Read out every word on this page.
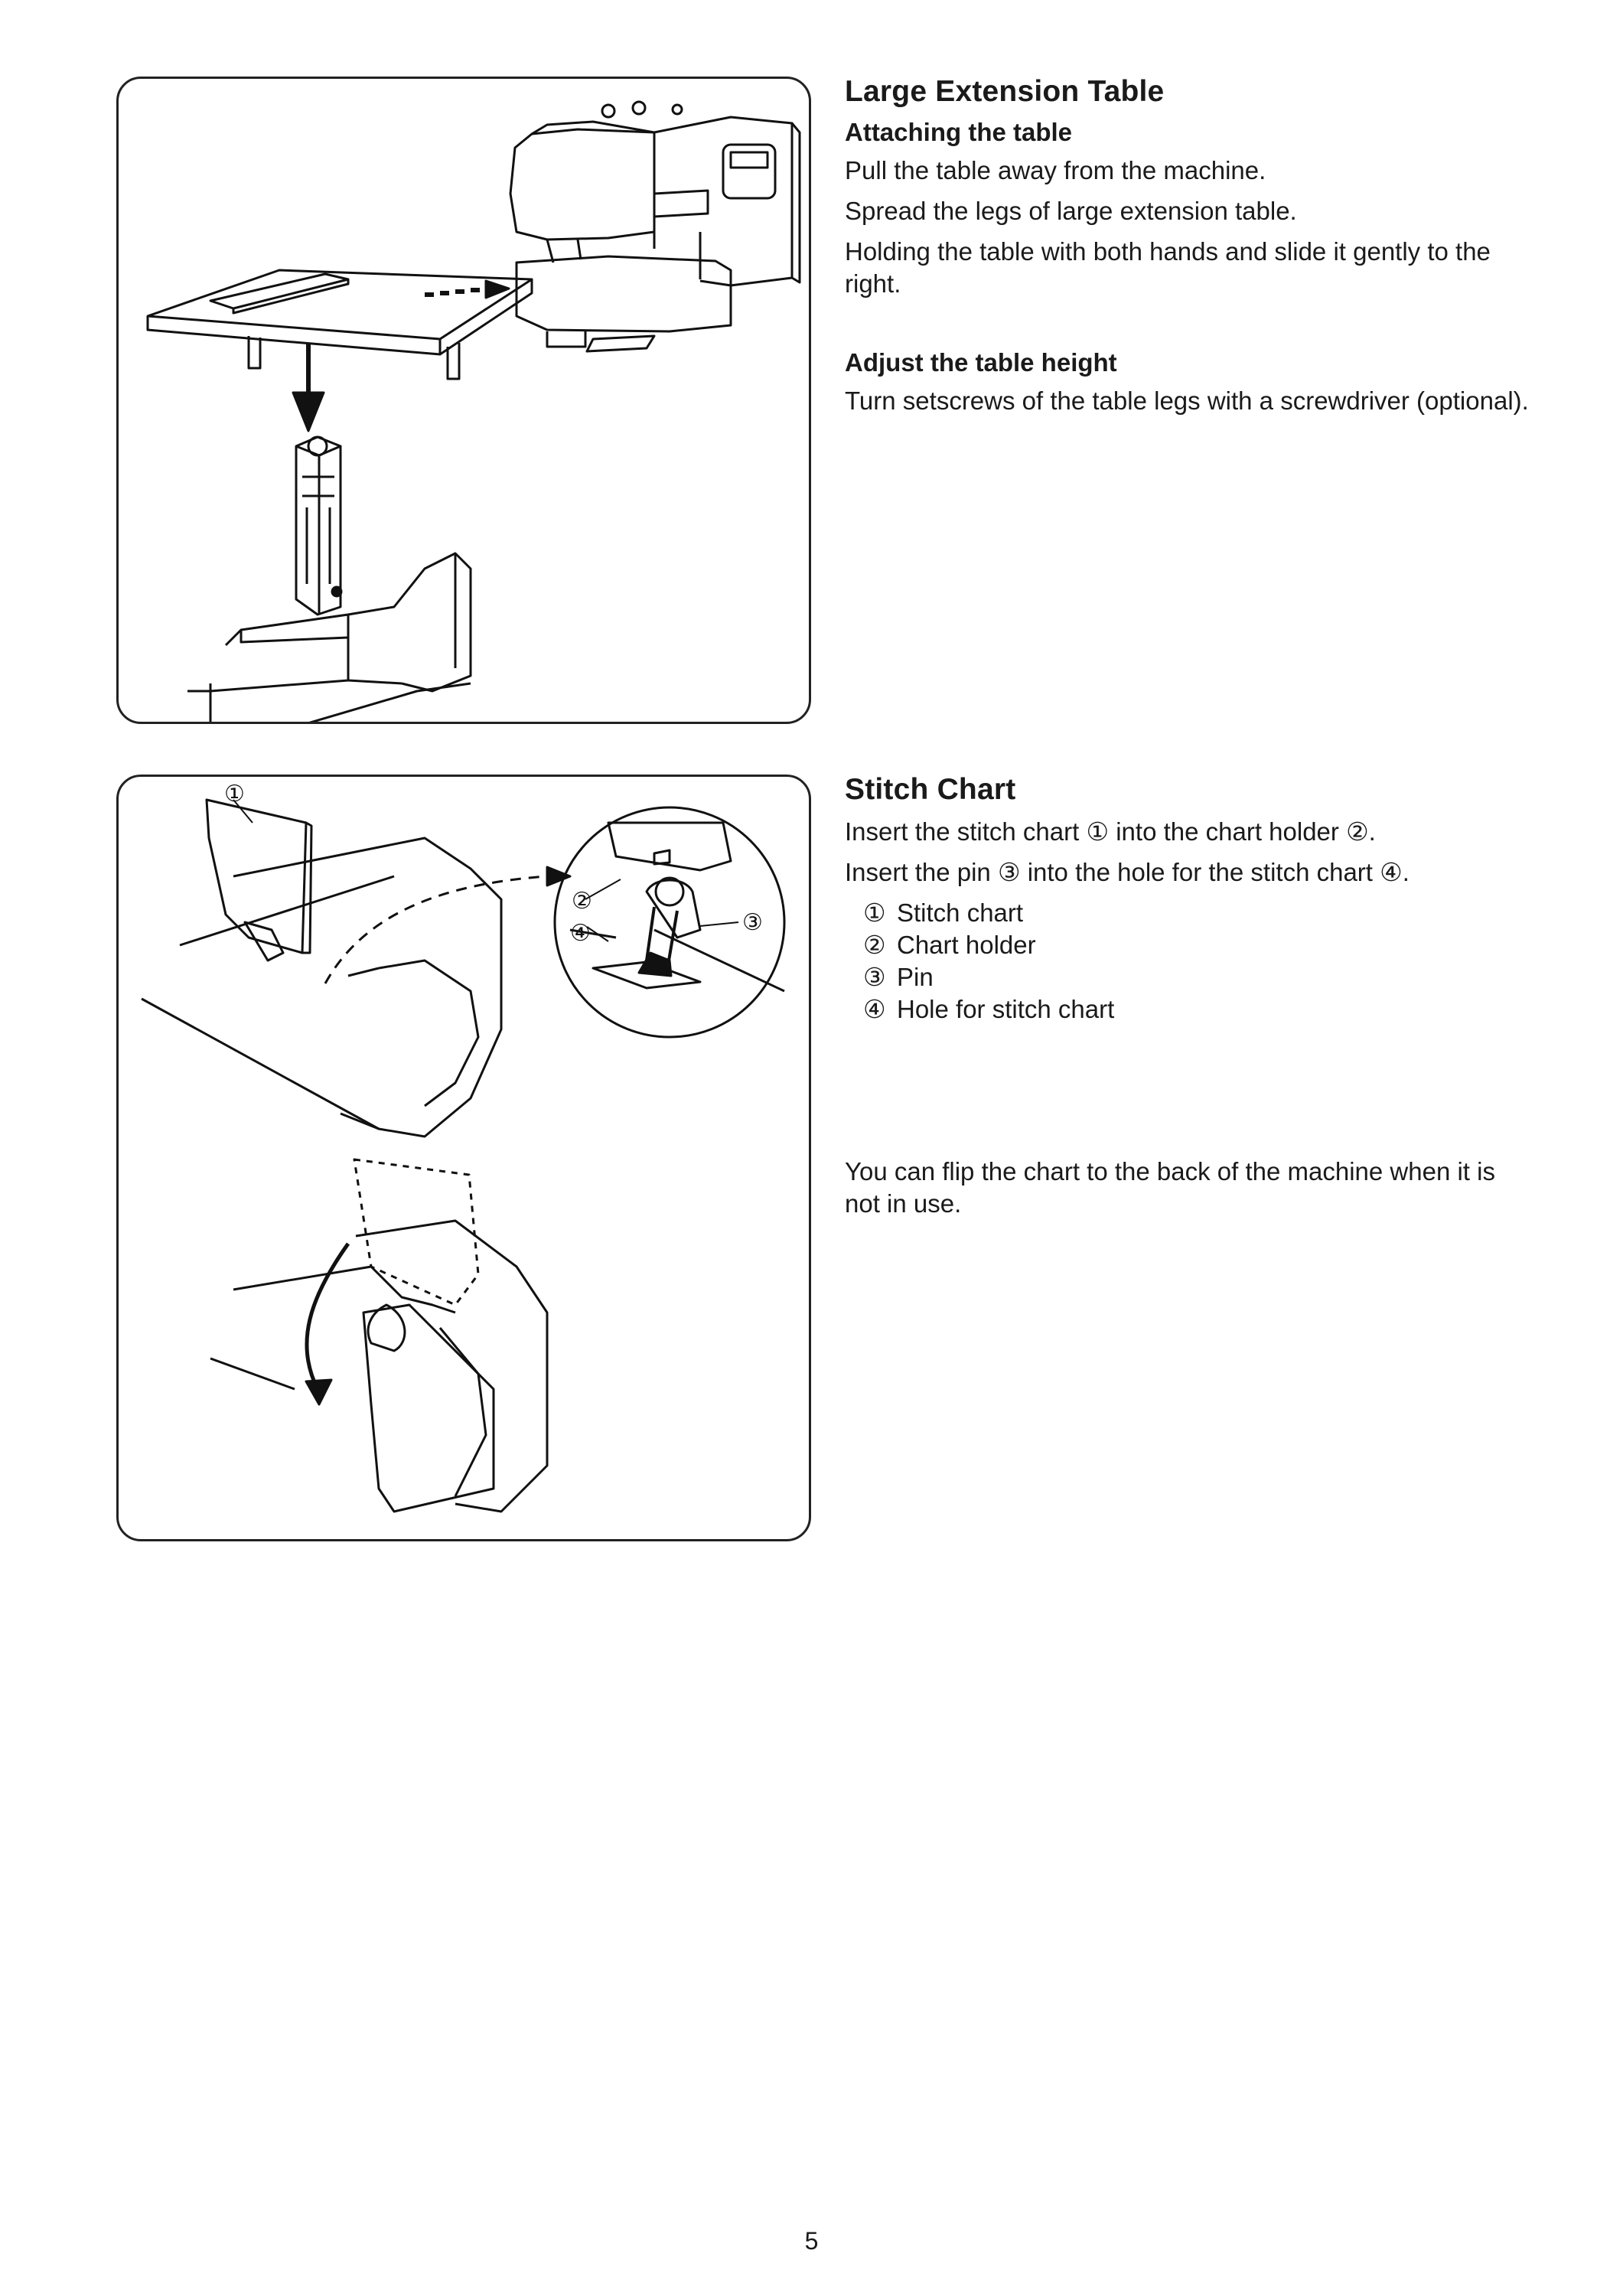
①
②
④	③
Large Extension Table
Attaching the table
Pull the table away from the machine.
Spread the legs of large extension table.
Holding the table with both hands and slide it gently to the right.
Adjust the table height
Turn setscrews of the table legs with a screwdriver (optional).
Stitch Chart
Insert the stitch chart ① into the chart holder ②.
Insert the pin ③ into the hole for the stitch chart ④.
① Stitch chart
② Chart holder
③ Pin
④ Hole for stitch chart
You can flip the chart to the back of the machine when it is not in use.
5
